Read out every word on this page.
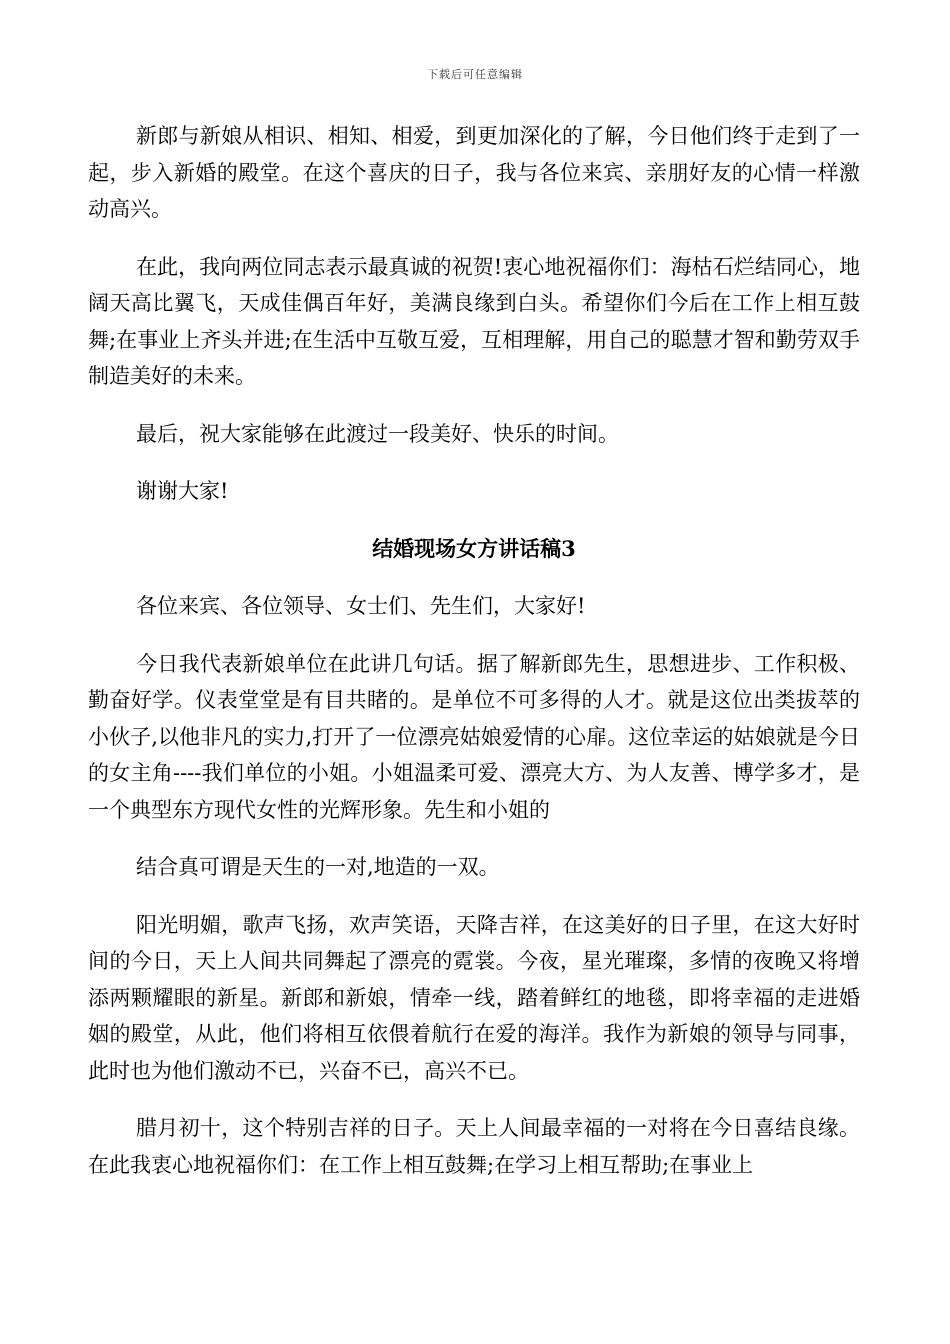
下载后可任意编辑

新郎与新娘从相识、相知、相爱，到更加深化的了解，今日他们终于走到了一起，步入新婚的殿堂。在这个喜庆的日子，我与各位来宾、亲朋好友的心情一样激动高兴。

在此，我向两位同志表示最真诚的祝贺!衷心地祝福你们：海枯石烂结同心，地阔天高比翼飞，天成佳偶百年好，美满良缘到白头。希望你们今后在工作上相互鼓舞;在事业上齐头并进;在生活中互敬互爱，互相理解，用自己的聪慧才智和勤劳双手制造美好的未来。

最后，祝大家能够在此渡过一段美好、快乐的时间。

谢谢大家!

结婚现场女方讲话稿3

各位来宾、各位领导、女士们、先生们，大家好!

今日我代表新娘单位在此讲几句话。据了解新郎先生，思想进步、工作积极、勤奋好学。仪表堂堂是有目共睹的。是单位不可多得的人才。就是这位出类拔萃的小伙子,以他非凡的实力,打开了一位漂亮姑娘爱情的心扉。这位幸运的姑娘就是今日的女主角----我们单位的小姐。小姐温柔可爱、漂亮大方、为人友善、博学多才，是一个典型东方现代女性的光辉形象。先生和小姐的

结合真可谓是天生的一对,地造的一双。

阳光明媚，歌声飞扬，欢声笑语，天降吉祥，在这美好的日子里，在这大好时间的今日，天上人间共同舞起了漂亮的霓裳。今夜，星光璀璨，多情的夜晚又将增添两颗耀眼的新星。新郎和新娘，情牵一线，踏着鲜红的地毯，即将幸福的走进婚姻的殿堂，从此，他们将相互依偎着航行在爱的海洋。我作为新娘的领导与同事，此时也为他们激动不已，兴奋不已，高兴不已。

腊月初十，这个特别吉祥的日子。天上人间最幸福的一对将在今日喜结良缘。在此我衷心地祝福你们：在工作上相互鼓舞;在学习上相互帮助;在事业上
